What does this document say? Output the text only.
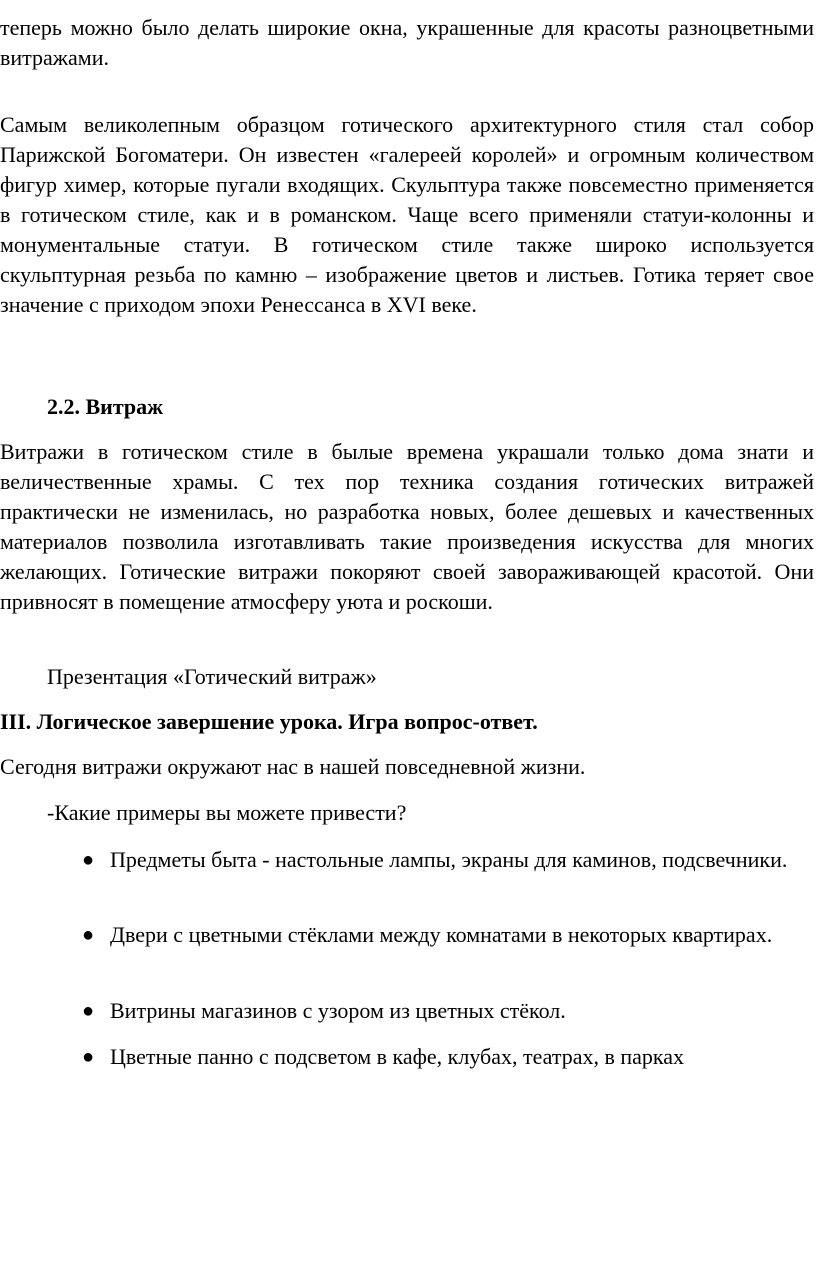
теперь можно было делать широкие окна, украшенные для красоты разноцветными витражами.

Самым великолепным образцом готического архитектурного стиля стал собор Парижской Богоматери. Он известен «галереей королей» и огромным количеством фигур химер, которые пугали входящих. Скульптура также повсеместно применяется в готическом стиле, как и в романском. Чаще всего применяли статуи-колонны и монументальные статуи. В готическом стиле также широко используется скульптурная резьба по камню – изображение цветов и листьев. Готика теряет свое значение с приходом эпохи Ренессанса в XVI веке.

2.2. Витраж

Витражи в готическом стиле в былые времена украшали только дома знати и величественные храмы. С тех пор техника создания готических витражей практически не изменилась, но разработка новых, более дешевых и качественных материалов позволила изготавливать такие произведения искусства для многих желающих. Готические витражи покоряют своей завораживающей красотой. Они привносят в помещение атмосферу уюта и роскоши.

Презентация «Готический витраж»

III. Логическое завершение урока. Игра вопрос-ответ.

Сегодня витражи окружают нас в нашей повседневной жизни.

-Какие примеры вы можете привести?

● Предметы быта - настольные лампы, экраны для каминов, подсвечники.

● Двери с цветными стёклами между комнатами в некоторых квартирах.

● Витрины магазинов с узором из цветных стёкол.

● Цветные панно с подсветом в кафе, клубах, театрах, в парках
